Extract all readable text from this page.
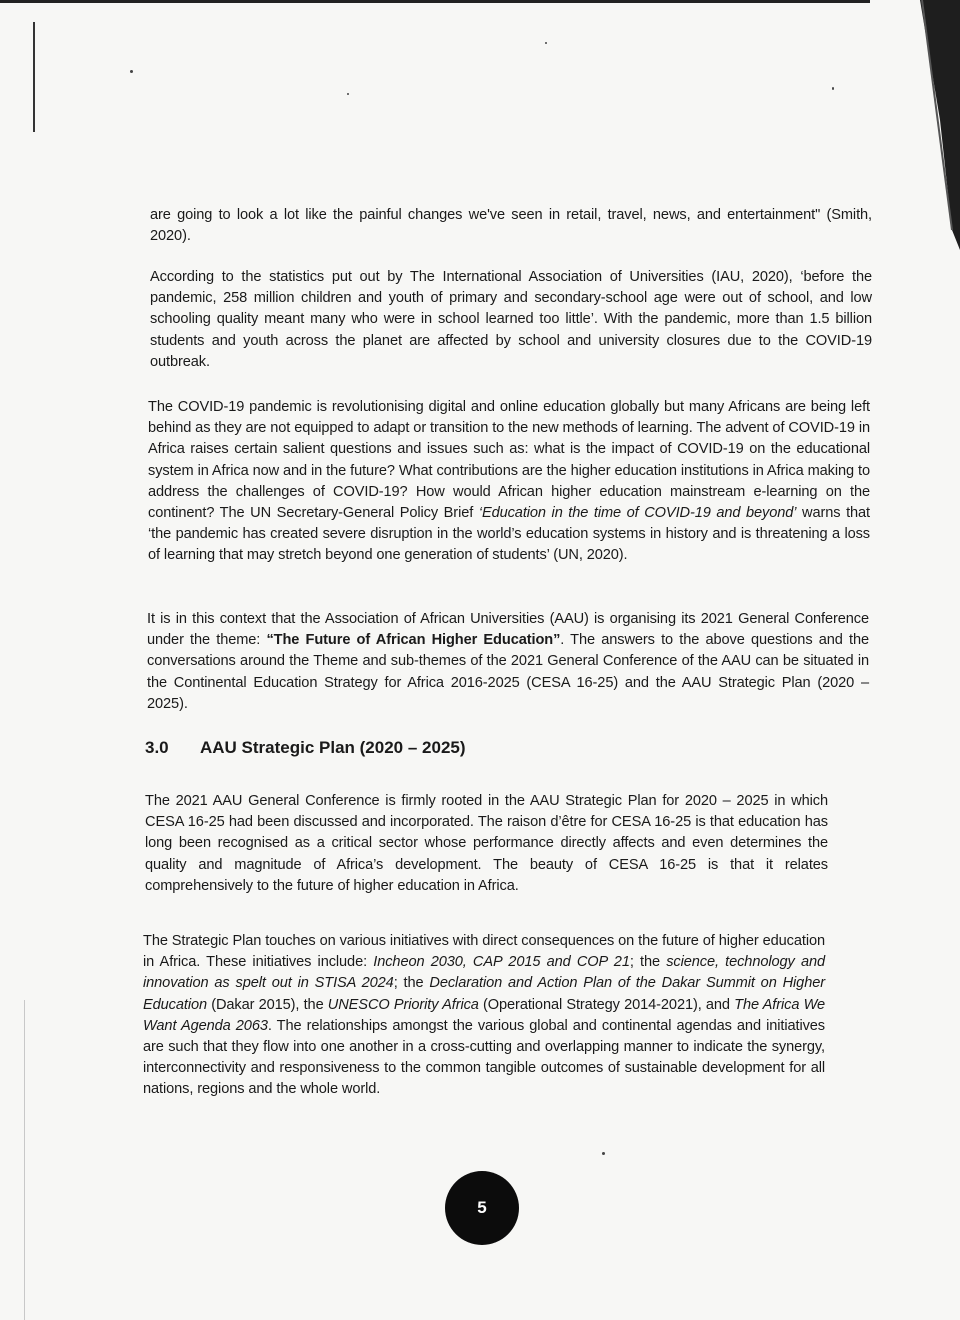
are going to look a lot like the painful changes we've seen in retail, travel, news, and entertainment" (Smith, 2020).

According to the statistics put out by The International Association of Universities (IAU, 2020), ‘before the pandemic, 258 million children and youth of primary and secondary-school age were out of school, and low schooling quality meant many who were in school learned too little’. With the pandemic, more than 1.5 billion students and youth across the planet are affected by school and university closures due to the COVID-19 outbreak.

The COVID-19 pandemic is revolutionising digital and online education globally but many Africans are being left behind as they are not equipped to adapt or transition to the new methods of learning. The advent of COVID-19 in Africa raises certain salient questions and issues such as: what is the impact of COVID-19 on the educational system in Africa now and in the future? What contributions are the higher education institutions in Africa making to address the challenges of COVID-19? How would African higher education mainstream e-learning on the continent? The UN Secretary-General Policy Brief ‘Education in the time of COVID-19 and beyond’ warns that ‘the pandemic has created severe disruption in the world’s education systems in history and is threatening a loss of learning that may stretch beyond one generation of students’ (UN, 2020).

It is in this context that the Association of African Universities (AAU) is organising its 2021 General Conference under the theme: “The Future of African Higher Education”. The answers to the above questions and the conversations around the Theme and sub-themes of the 2021 General Conference of the AAU can be situated in the Continental Education Strategy for Africa 2016-2025 (CESA 16-25) and the AAU Strategic Plan (2020 – 2025).

3.0 AAU Strategic Plan (2020 – 2025)

The 2021 AAU General Conference is firmly rooted in the AAU Strategic Plan for 2020 – 2025 in which CESA 16-25 had been discussed and incorporated. The raison d’être for CESA 16-25 is that education has long been recognised as a critical sector whose performance directly affects and even determines the quality and magnitude of Africa’s development. The beauty of CESA 16-25 is that it relates comprehensively to the future of higher education in Africa.

The Strategic Plan touches on various initiatives with direct consequences on the future of higher education in Africa. These initiatives include: Incheon 2030, CAP 2015 and COP 21; the science, technology and innovation as spelt out in STISA 2024; the Declaration and Action Plan of the Dakar Summit on Higher Education (Dakar 2015), the UNESCO Priority Africa (Operational Strategy 2014-2021), and The Africa We Want Agenda 2063. The relationships amongst the various global and continental agendas and initiatives are such that they flow into one another in a cross-cutting and overlapping manner to indicate the synergy, interconnectivity and responsiveness to the common tangible outcomes of sustainable development for all nations, regions and the whole world.

5
